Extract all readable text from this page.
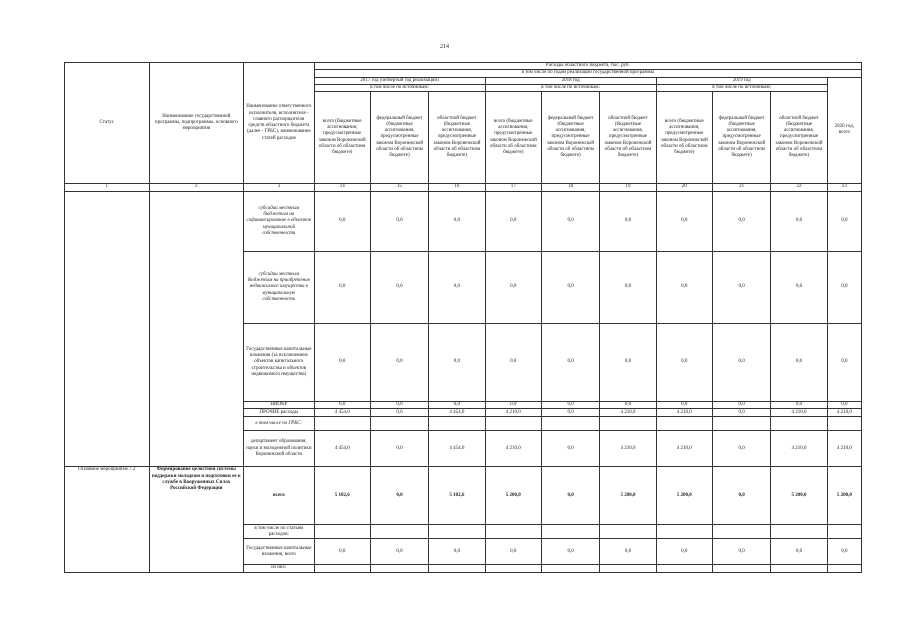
214
Статус	Наименование государственной программы, подпрограммы, основного мероприятия	Наименование ответственного исполнителя, исполнителя - главного распорядителя средств областного бюджета (далее - ГРБС), наименование статей расходов	Расходы областного бюджета, тыс. руб.									
			в том числе по годам реализации государственной программы									
			2017 год (четвертый год реализации)			2018 год			2019 год			2020 год, всего
			в том числе по источникам:			в том числе по источникам:			в том числе по источникам:			
			всего (бюджетные ассигнования, предусмотренные законом Воронежской области об областном бюджете)	федеральный бюджет (бюджетные ассигнования, предусмотренные законом Воронежской области об областном бюджете)	областной бюджет (бюджетные ассигнования, предусмотренные законом Воронежской области об областном бюджете)	всего (бюджетные ассигнования, предусмотренные законом Воронежской области об областном бюджете)	федеральный бюджет (бюджетные ассигнования, предусмотренные законом Воронежской области об областном бюджете)	областной бюджет (бюджетные ассигнования, предусмотренные законом Воронежской области об областном бюджете)	всего (бюджетные ассигнования, предусмотренные законом Воронежской области об областном бюджете)	федеральный бюджет (бюджетные ассигнования, предусмотренные законом Воронежской области об областном бюджете)	областной бюджет (бюджетные ассигнования, предусмотренные законом Воронежской области об областном бюджете)	
1	2	3	14	15	16	17	18	19	20	21	22	23
		субсидии местным бюджетам на софинансирование в объектов муниципальной собственности	0,0	0,0	0,0	0,0	0,0	0,0	0,0	0,0	0,0	0,0
		субсидии местным бюджетам на приобретение недвижимого имущества в муниципальную собственность	0,0	0,0	0,0	0,0	0,0	0,0	0,0	0,0	0,0	0,0
		Государственные капитальные вложения (за исключением объектов капитального строительства и объектов недвижимого имущества)	0,0	0,0	0,0	0,0	0,0	0,0	0,0	0,0	0,0	0,0
		НИОКР	0,0	0,0	0,0	0,0	0,0	0,0	0,0	0,0	0,0	0,0
		ПРОЧИЕ расходы	4 454,0	0,0	4 454,0	4 210,0	0,0	4 210,0	4 210,0	0,0	4 210,0	4 210,0
		в том числе по ГРБС:										
		департамент образования, науки и молодежной политики Воронежской области	4 454,0	0,0	4 454,0	4 210,0	0,0	4 210,0	4 210,0	0,0	4 210,0	4 210,0
Основное мероприятие 7.2	Формирование целостной системы поддержки молодежи и подготовки ее к службе в Вооруженных Силах Российской Федерации	всего	5 102,6	0,0	5 102,6	5 200,0	0,0	5 200,0	5 200,0	0,0	5 200,0	5 200,0
		в том числе по статьям расходов:										
		Государственные капитальные вложения, всего	0,0	0,0	0,0	0,0	0,0	0,0	0,0	0,0	0,0	0,0
		из них:										
